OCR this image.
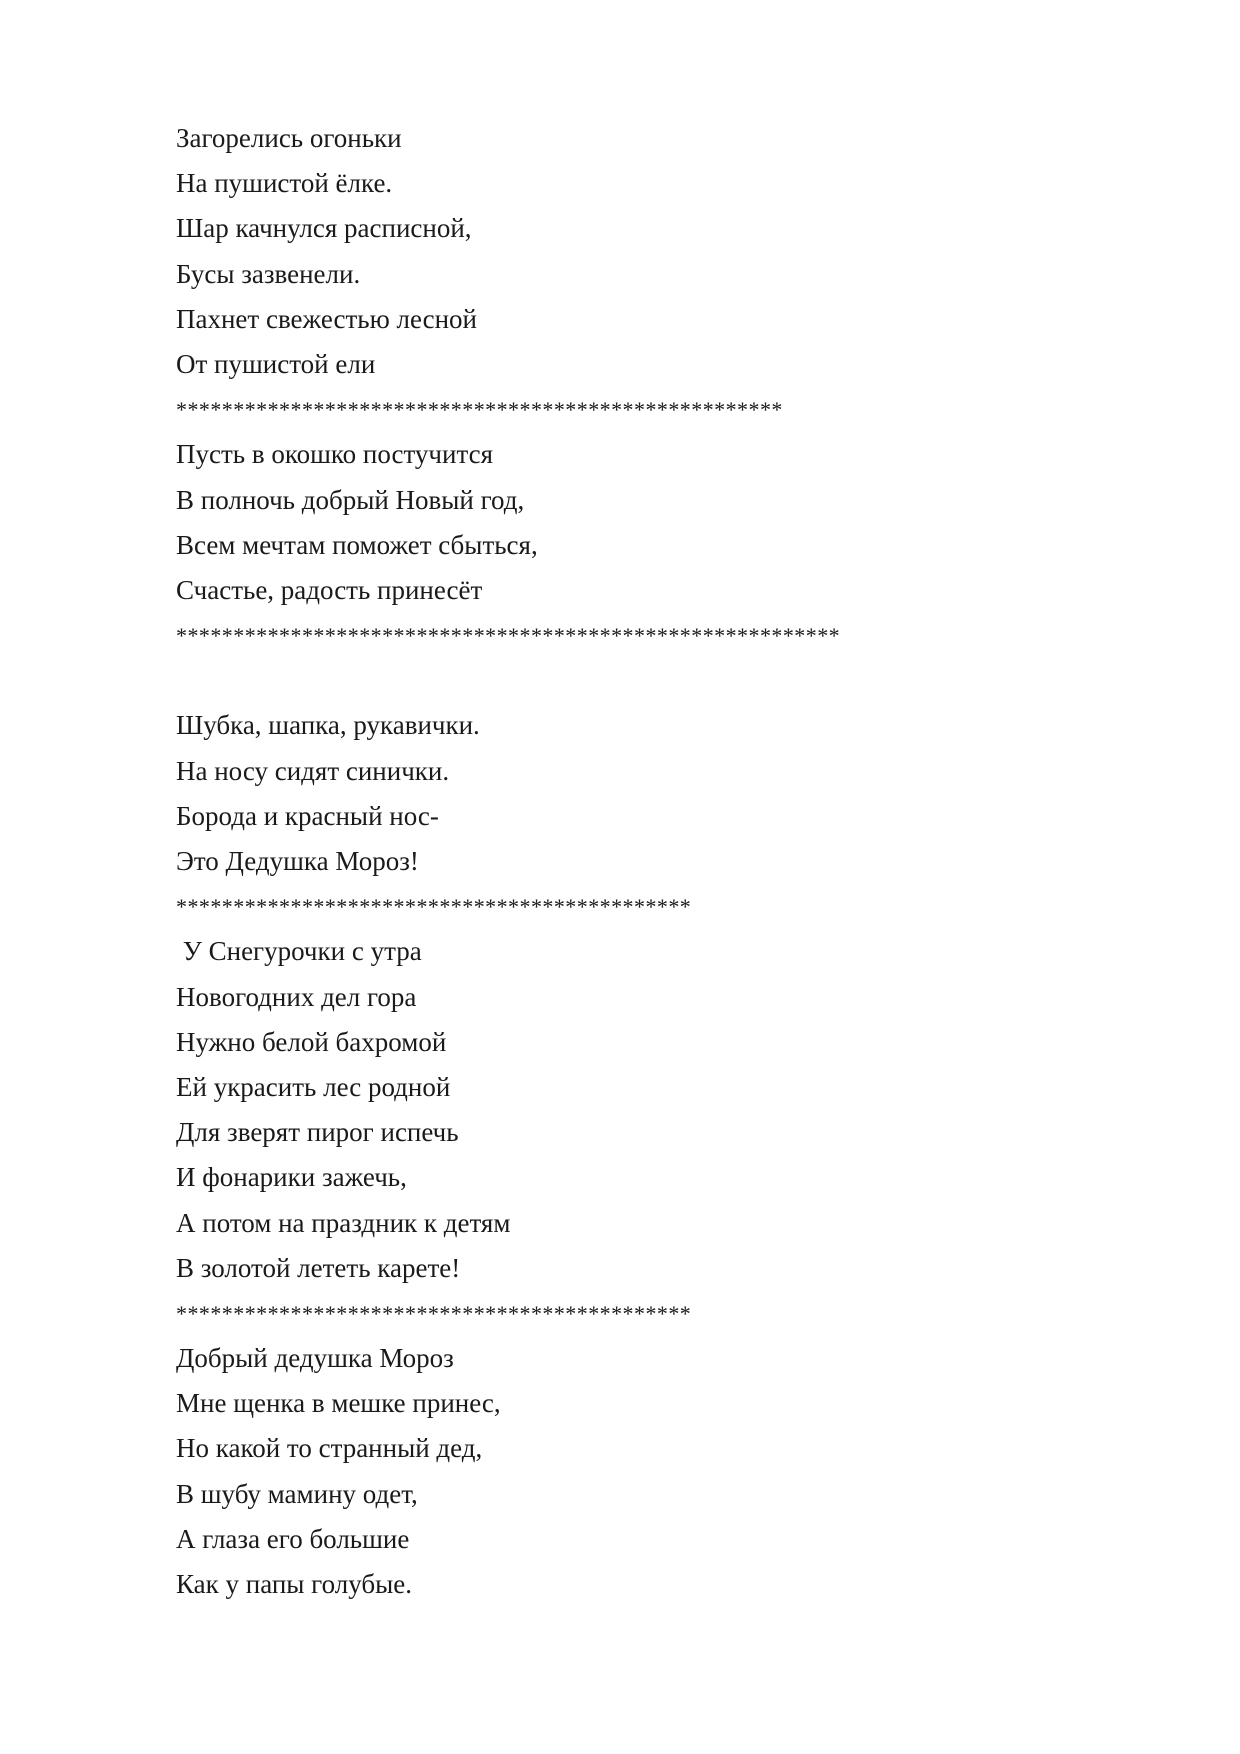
Загорелись огоньки
На пушистой ёлке.
Шар качнулся расписной,
Бусы зазвенели.
Пахнет свежестью лесной
От пушистой ели
*****************************************************
Пусть в окошко постучится
В полночь добрый Новый год,
Всем мечтам поможет сбыться,
Счастье, радость принесёт
**********************************************************
Шубка, шапка, рукавички.
На носу сидят синички.
Борода и красный нос-
Это Дедушка Мороз!
*********************************************
У Снегурочки с утра
Новогодних дел гора
Нужно белой бахромой
Ей украсить лес родной
Для зверят пирог испечь
И фонарики зажечь,
А потом на праздник к детям
В золотой лететь карете!
*********************************************
Добрый дедушка Мороз
Мне щенка в мешке принес,
Но какой то странный дед,
В шубу мамину одет,
А глаза его большие
Как у папы голубые.
